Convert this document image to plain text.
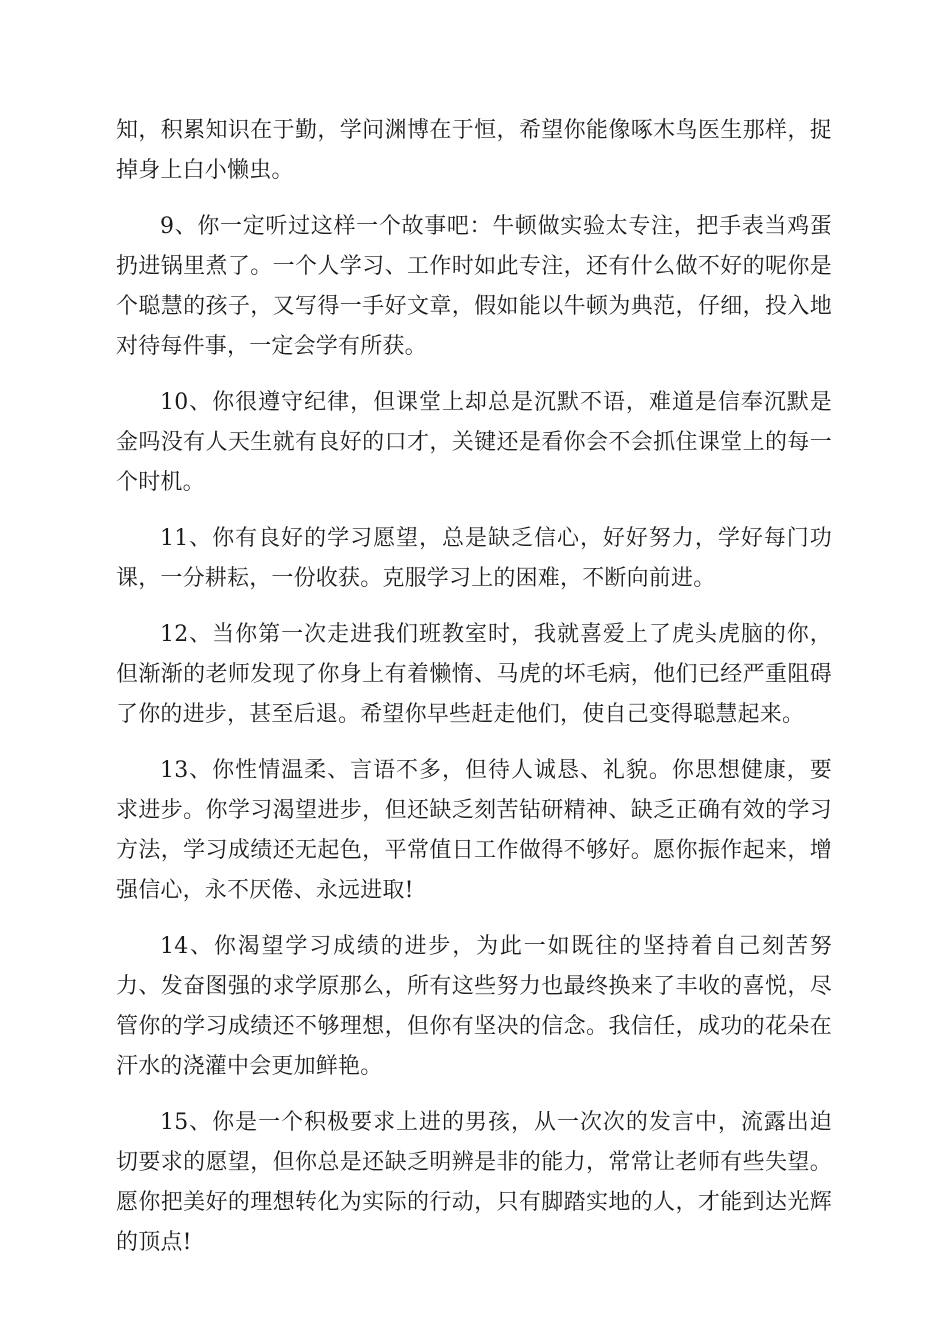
知，积累知识在于勤，学问渊博在于恒，希望你能像啄木鸟医生那样，捉掉身上白小懒虫。

9、你一定听过这样一个故事吧：牛顿做实验太专注，把手表当鸡蛋扔进锅里煮了。一个人学习、工作时如此专注，还有什么做不好的呢你是个聪慧的孩子，又写得一手好文章，假如能以牛顿为典范，仔细，投入地对待每件事，一定会学有所获。

10、你很遵守纪律，但课堂上却总是沉默不语，难道是信奉沉默是金吗没有人天生就有良好的口才，关键还是看你会不会抓住课堂上的每一个时机。

11、你有良好的学习愿望，总是缺乏信心，好好努力，学好每门功课，一分耕耘，一份收获。克服学习上的困难，不断向前进。

12、当你第一次走进我们班教室时，我就喜爱上了虎头虎脑的你，但渐渐的老师发现了你身上有着懒惰、马虎的坏毛病，他们已经严重阻碍了你的进步，甚至后退。希望你早些赶走他们，使自己变得聪慧起来。

13、你性情温柔、言语不多，但待人诚恳、礼貌。你思想健康，要求进步。你学习渴望进步，但还缺乏刻苦钻研精神、缺乏正确有效的学习方法，学习成绩还无起色，平常值日工作做得不够好。愿你振作起来，增强信心，永不厌倦、永远进取!

14、你渴望学习成绩的进步，为此一如既往的坚持着自己刻苦努力、发奋图强的求学原那么，所有这些努力也最终换来了丰收的喜悦，尽管你的学习成绩还不够理想，但你有坚决的信念。我信任，成功的花朵在汗水的浇灌中会更加鲜艳。

15、你是一个积极要求上进的男孩，从一次次的发言中，流露出迫切要求的愿望，但你总是还缺乏明辨是非的能力，常常让老师有些失望。愿你把美好的理想转化为实际的行动，只有脚踏实地的人，才能到达光辉的顶点!
